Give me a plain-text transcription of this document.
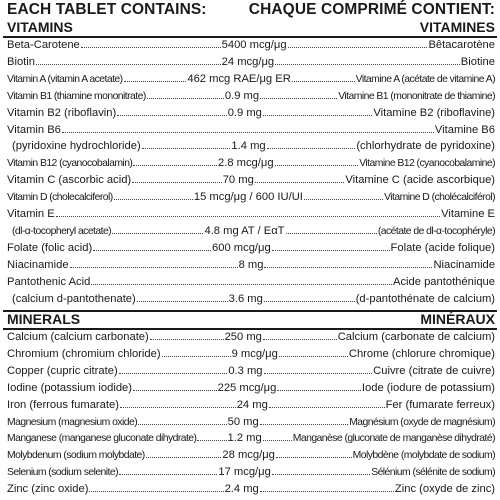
EACH TABLET CONTAINS:	CHAQUE COMPRIMÉ CONTIENT:
VITAMINS	VITAMINES
Beta-Carotene	5400 mcg/μg	Bêtacarotène
Biotin	24 mcg/μg	Biotine
Vitamin A (vitamin A acetate)	462 mcg RAE/μg ER	Vitamine A (acétate de vitamine A)
Vitamin B1 (thiamine mononitrate)	0.9 mg	Vitamine B1 (mononitrate de thiamine)
Vitamin B2 (riboflavin)	0.9 mg	Vitamine B2 (riboflavine)
Vitamin B6	Vitamine B6
(pyridoxine hydrochloride)	1.4 mg	(chlorhydrate de pyridoxine)
Vitamin B12 (cyanocobalamin)	2.8 mcg/μg	Vitamine B12 (cyanocobalamine)
Vitamin C (ascorbic acid)	70 mg	Vitamine C (acide ascorbique)
Vitamin D (cholecalciferol)	15 mcg/μg / 600 IU/UI	Vitamine D (cholécalciférol)
Vitamin E	Vitamine E
(dl-α-tocopheryl acetate)	4.8 mg AT / EαT	(acétate de dl-α-tocophéryle)
Folate (folic acid)	600 mcg/μg	Folate (acide folique)
Niacinamide	8 mg	Niacinamide
Pantothenic Acid	Acide pantothénique
(calcium d-pantothenate)	3.6 mg	(d-pantothénate de calcium)
MINERALS	MINÉRAUX
Calcium (calcium carbonate)	250 mg	Calcium (carbonate de calcium)
Chromium (chromium chloride)	9 mcg/μg	Chrome (chlorure chromique)
Copper (cupric citrate)	0.3 mg	Cuivre (citrate de cuivre)
Iodine (potassium iodide)	225 mcg/μg	Iode (iodure de potassium)
Iron (ferrous fumarate)	24 mg	Fer (fumarate ferreux)
Magnesium (magnesium oxide)	50 mg	Magnésium (oxyde de magnésium)
Manganese (manganese gluconate dihydrate)	1.2 mg	Manganèse (gluconate de manganèse dihydraté)
Molybdenum (sodium molybdate)	28 mcg/μg	Molybdène (molybdate de sodium)
Selenium (sodium selenite)	17 mcg/μg	Sélénium (sélénite de sodium)
Zinc (zinc oxide)	2.4 mg	Zinc (oxyde de zinc)
